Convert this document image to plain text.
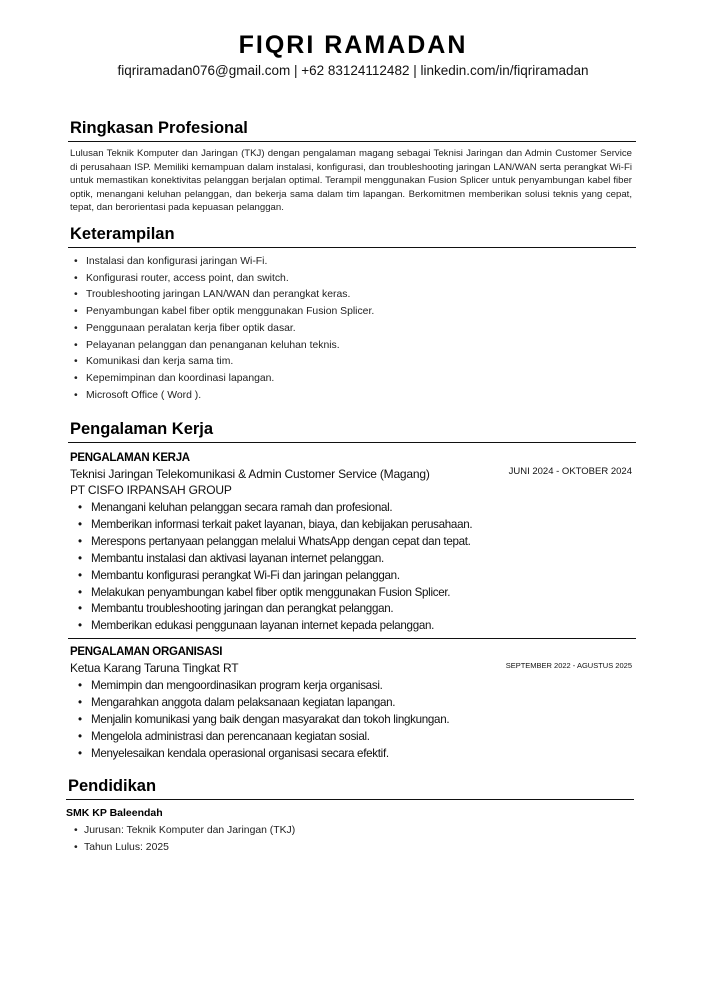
FIQRI RAMADAN
fiqriramadan076@gmail.com | +62 83124112482 | linkedin.com/in/fiqriramadan
Ringkasan Profesional
Lulusan Teknik Komputer dan Jaringan (TKJ) dengan pengalaman magang sebagai Teknisi Jaringan dan Admin Customer Service di perusahaan ISP. Memiliki kemampuan dalam instalasi, konfigurasi, dan troubleshooting jaringan LAN/WAN serta perangkat Wi-Fi untuk memastikan konektivitas pelanggan berjalan optimal. Terampil menggunakan Fusion Splicer untuk penyambungan kabel fiber optik, menangani keluhan pelanggan, dan bekerja sama dalam tim lapangan. Berkomitmen memberikan solusi teknis yang cepat, tepat, dan berorientasi pada kepuasan pelanggan.
Keterampilan
• Instalasi dan konfigurasi jaringan Wi-Fi.
• Konfigurasi router, access point, dan switch.
• Troubleshooting jaringan LAN/WAN dan perangkat keras.
• Penyambungan kabel fiber optik menggunakan Fusion Splicer.
• Penggunaan peralatan kerja fiber optik dasar.
• Pelayanan pelanggan dan penanganan keluhan teknis.
• Komunikasi dan kerja sama tim.
• Kepemimpinan dan koordinasi lapangan.
• Microsoft Office ( Word ).
Pengalaman Kerja
PENGALAMAN KERJA
Teknisi Jaringan Telekomunikasi & Admin Customer Service (Magang)	JUNI 2024 - OKTOBER 2024
PT CISFO IRPANSAH GROUP
• Menangani keluhan pelanggan secara ramah dan profesional.
• Memberikan informasi terkait paket layanan, biaya, dan kebijakan perusahaan.
• Merespons pertanyaan pelanggan melalui WhatsApp dengan cepat dan tepat.
• Membantu instalasi dan aktivasi layanan internet pelanggan.
• Membantu konfigurasi perangkat Wi-Fi dan jaringan pelanggan.
• Melakukan penyambungan kabel fiber optik menggunakan Fusion Splicer.
• Membantu troubleshooting jaringan dan perangkat pelanggan.
• Memberikan edukasi penggunaan layanan internet kepada pelanggan.
PENGALAMAN ORGANISASI
Ketua Karang Taruna Tingkat RT	SEPTEMBER 2022 - AGUSTUS 2025
• Memimpin dan mengoordinasikan program kerja organisasi.
• Mengarahkan anggota dalam pelaksanaan kegiatan lapangan.
• Menjalin komunikasi yang baik dengan masyarakat dan tokoh lingkungan.
• Mengelola administrasi dan perencanaan kegiatan sosial.
• Menyelesaikan kendala operasional organisasi secara efektif.
Pendidikan
SMK KP Baleendah
• Jurusan: Teknik Komputer dan Jaringan (TKJ)
• Tahun Lulus: 2025
